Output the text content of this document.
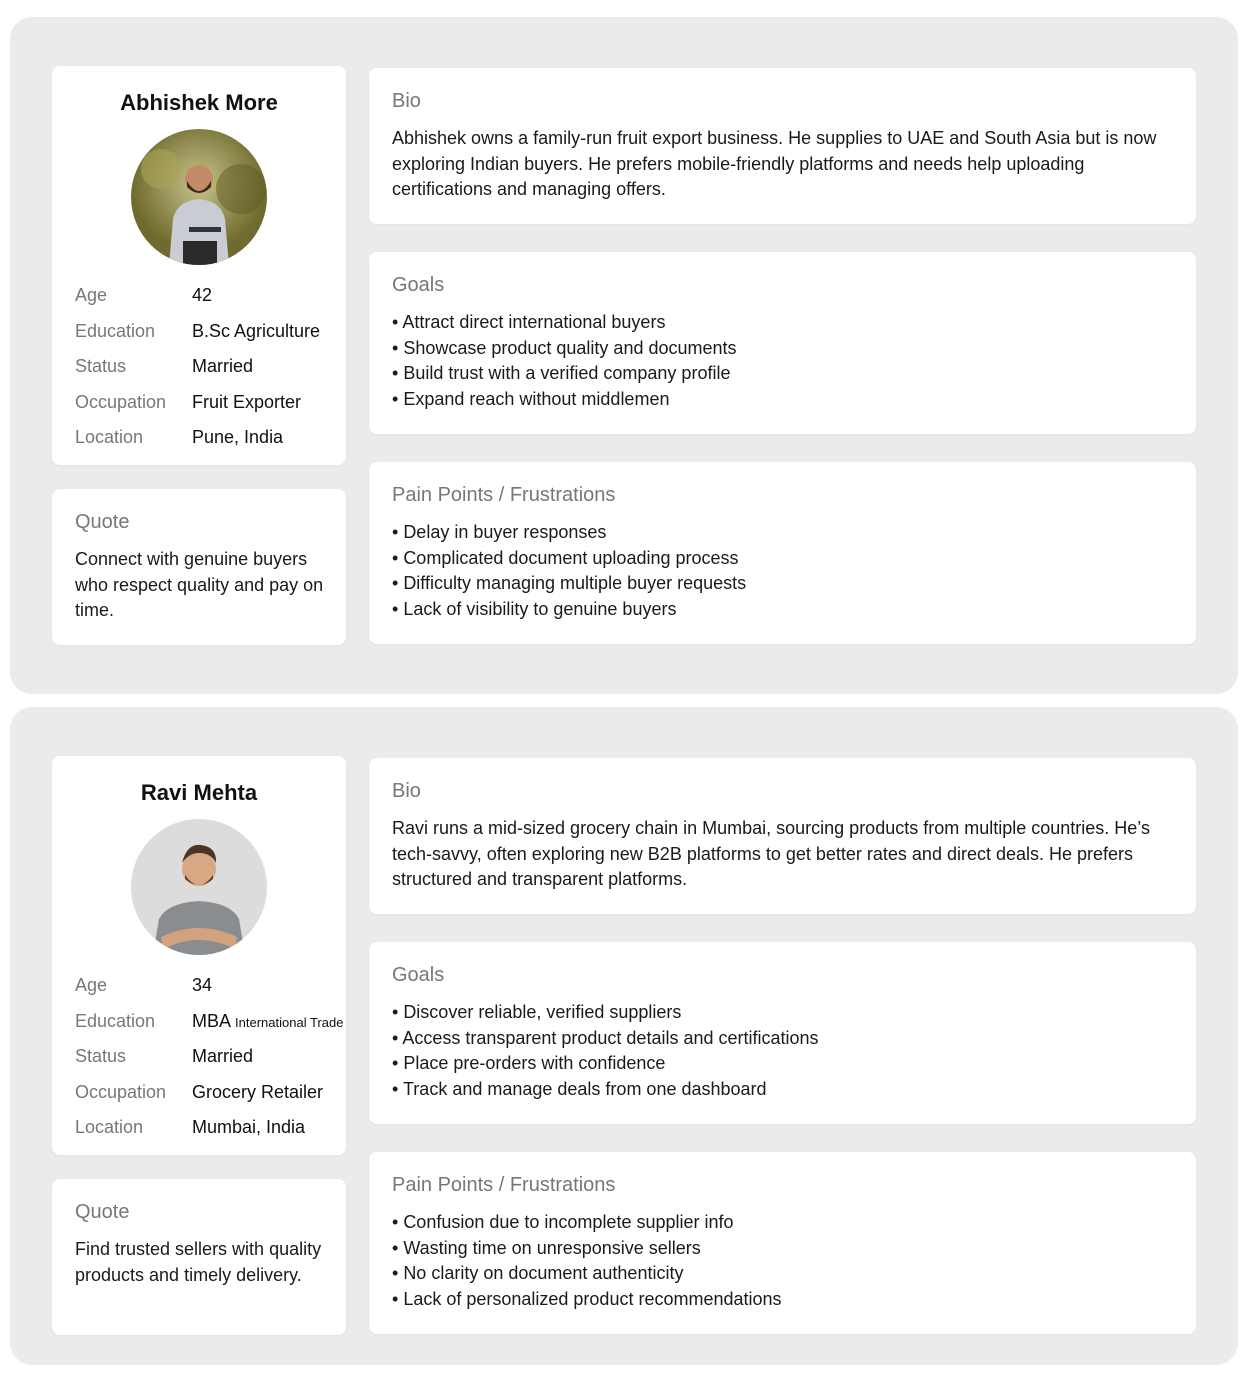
Abhishek More
Age	42
Education	B.Sc Agriculture
Status	Married
Occupation	Fruit Exporter
Location	Pune, India
Quote
Connect with genuine buyers who respect quality and pay on time.
Bio
Abhishek owns a family-run fruit export business. He supplies to UAE and South Asia but is now exploring Indian buyers. He prefers mobile-friendly platforms and needs help uploading certifications and managing offers.
Goals
• Attract direct international buyers
• Showcase product quality and documents
• Build trust with a verified company profile
• Expand reach without middlemen
Pain Points / Frustrations
• Delay in buyer responses
• Complicated document uploading process
• Difficulty managing multiple buyer requests
• Lack of visibility to genuine buyers
Ravi Mehta
Age	34
Education	MBA International Trade
Status	Married
Occupation	Grocery Retailer
Location	Mumbai, India
Quote
Find trusted sellers with quality products and timely delivery.
Bio
Ravi runs a mid-sized grocery chain in Mumbai, sourcing products from multiple countries. He’s tech-savvy, often exploring new B2B platforms to get better rates and direct deals. He prefers structured and transparent platforms.
Goals
• Discover reliable, verified suppliers
• Access transparent product details and certifications
• Place pre-orders with confidence
• Track and manage deals from one dashboard
Pain Points / Frustrations
• Confusion due to incomplete supplier info
• Wasting time on unresponsive sellers
• No clarity on document authenticity
• Lack of personalized product recommendations
